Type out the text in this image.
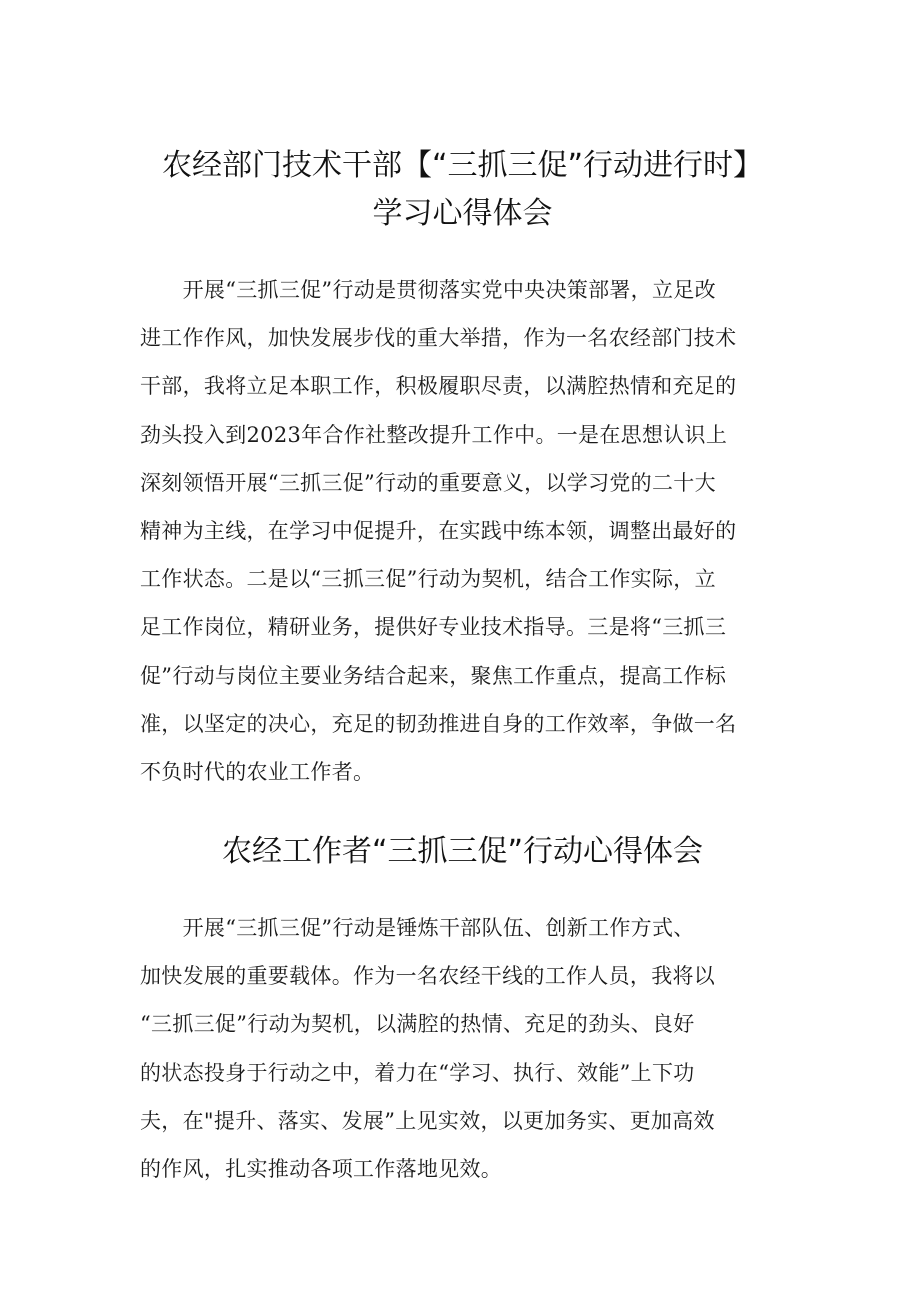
农经部门技术干部【“三抓三促”行动进行时】
学习心得体会

　　开展“三抓三促”行动是贯彻落实党中央决策部署，立足改
进工作作风，加快发展步伐的重大举措，作为一名农经部门技术
干部，我将立足本职工作，积极履职尽责，以满腔热情和充足的
劲头投入到2023年合作社整改提升工作中。一是在思想认识上
深刻领悟开展“三抓三促”行动的重要意义，以学习党的二十大
精神为主线，在学习中促提升，在实践中练本领，调整出最好的
工作状态。二是以“三抓三促”行动为契机，结合工作实际，立
足工作岗位，精研业务，提供好专业技术指导。三是将“三抓三
促”行动与岗位主要业务结合起来，聚焦工作重点，提高工作标
准，以坚定的决心，充足的韧劲推进自身的工作效率，争做一名
不负时代的农业工作者。

农经工作者“三抓三促”行动心得体会

　　开展“三抓三促”行动是锤炼干部队伍、创新工作方式、
加快发展的重要载体。作为一名农经干线的工作人员，我将以
“三抓三促”行动为契机，以满腔的热情、充足的劲头、良好
的状态投身于行动之中，着力在“学习、执行、效能”上下功
夫，在"提升、落实、发展”上见实效，以更加务实、更加高效
的作风，扎实推动各项工作落地见效。
